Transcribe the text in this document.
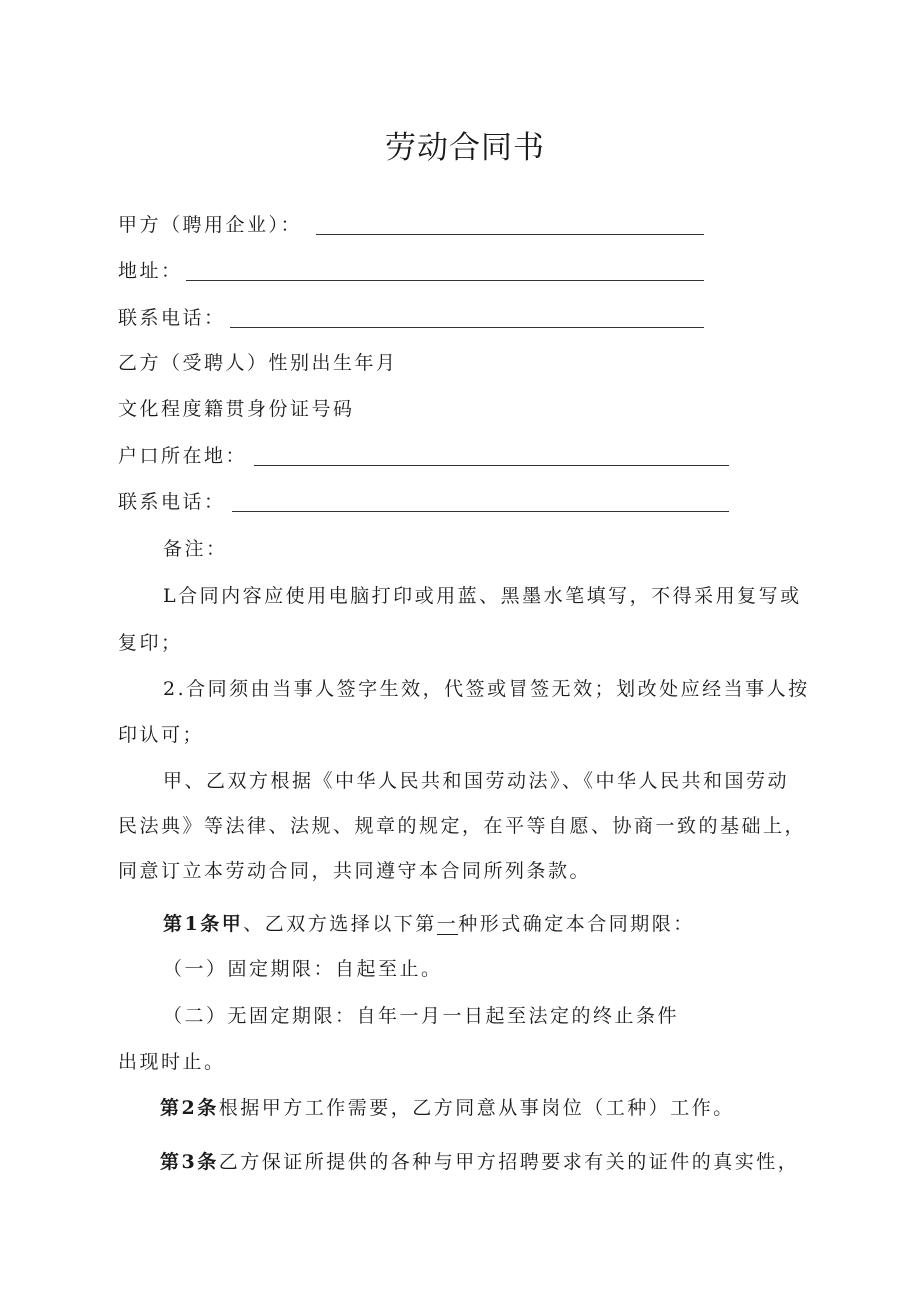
劳动合同书
甲方（聘用企业）：
地址：
联系电话：
乙方（受聘人）性别出生年月
文化程度籍贯身份证号码
户口所在地：
联系电话：
备注：
L合同内容应使用电脑打印或用蓝、黑墨水笔填写，不得采用复写或
复印；
2.合同须由当事人签字生效，代签或冒签无效；划改处应经当事人按
印认可；
甲、乙双方根据《中华人民共和国劳动法》、《中华人民共和国劳动
民法典》等法律、法规、规章的规定，在平等自愿、协商一致的基础上，
同意订立本劳动合同，共同遵守本合同所列条款。
第1条甲、乙双方选择以下第一种形式确定本合同期限：
（一）固定期限：自起至止。
（二）无固定期限：自年一月一日起至法定的终止条件
出现时止。
第2条根据甲方工作需要，乙方同意从事岗位（工种）工作。
第3条乙方保证所提供的各种与甲方招聘要求有关的证件的真实性，
